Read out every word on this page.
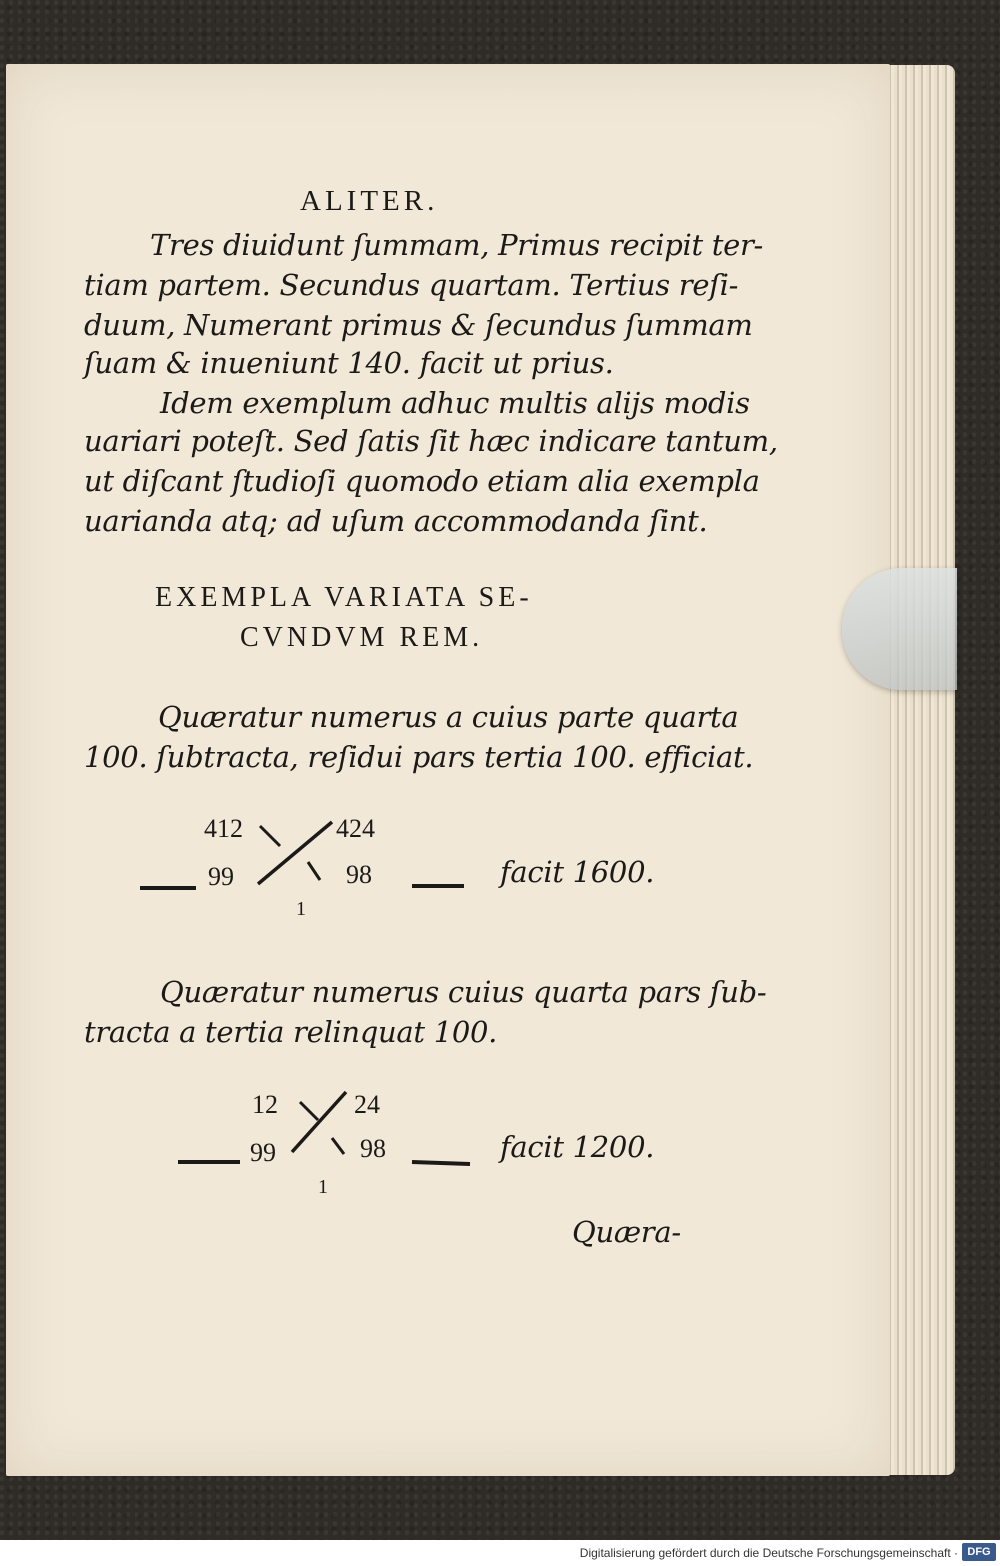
ALITER.
Tres diuidunt ſummam, Primus recipit ter-
tiam partem. Secundus quartam. Tertius reſi-
duum, Numerant primus & ſecundus ſummam
ſuam & inueniunt 140. facit ut prius.
Idem exemplum adhuc multis aliјs modis
uariari poteſt. Sed ſatis ſit hæc indicare tantum,
ut diſcant ſtudioſi quomodo etiam alia exempla
uarianda atq; ad uſum accommodanda ſint.
EXEMPLA VARIATA SE-
CVNDVM REM.
Quæratur numerus a cuius parte quarta
100. ſubtracta, reſidui pars tertia 100. efficiat.
412	424
99	98
1
facit 1600.
Quæratur numerus cuius quarta pars ſub-
tracta a tertia relinquat 100.
12	24
99	98
1
facit 1200.
Quæra-
Digitalisierung gefördert durch die Deutsche Forschungsgemeinschaft · DFG
